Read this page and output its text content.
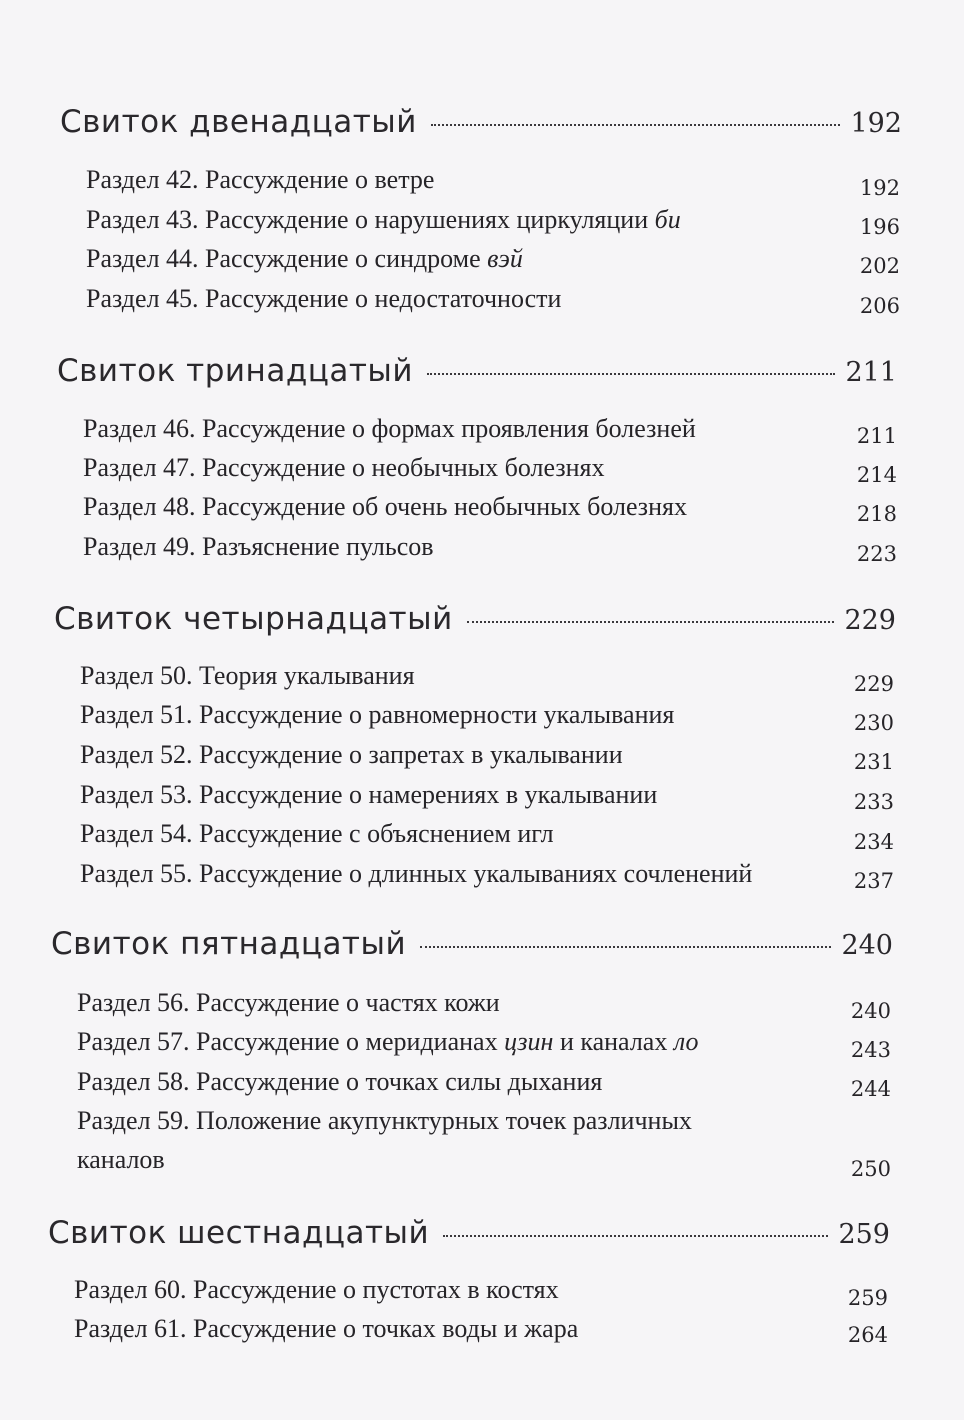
Свиток двенадцатый	192
Раздел 42. Рассуждение о ветре	192
Раздел 43. Рассуждение о нарушениях циркуляции би	196
Раздел 44. Рассуждение о синдроме вэй	202
Раздел 45. Рассуждение о недостаточности	206
Свиток тринадцатый	211
Раздел 46. Рассуждение о формах проявления болезней	211
Раздел 47. Рассуждение о необычных болезнях	214
Раздел 48. Рассуждение об очень необычных болезнях	218
Раздел 49. Разъяснение пульсов	223
Свиток четырнадцатый	229
Раздел 50. Теория укалывания	229
Раздел 51. Рассуждение о равномерности укалывания	230
Раздел 52. Рассуждение о запретах в укалывании	231
Раздел 53. Рассуждение о намерениях в укалывании	233
Раздел 54. Рассуждение с объяснением игл	234
Раздел 55. Рассуждение о длинных укалываниях сочленений	237
Свиток пятнадцатый	240
Раздел 56. Рассуждение о частях кожи	240
Раздел 57. Рассуждение о меридианах цзин и каналах ло	243
Раздел 58. Рассуждение о точках силы дыхания	244
Раздел 59. Положение акупунктурных точек различных
каналов	250
Свиток шестнадцатый	259
Раздел 60. Рассуждение о пустотах в костях	259
Раздел 61. Рассуждение о точках воды и жара	264
